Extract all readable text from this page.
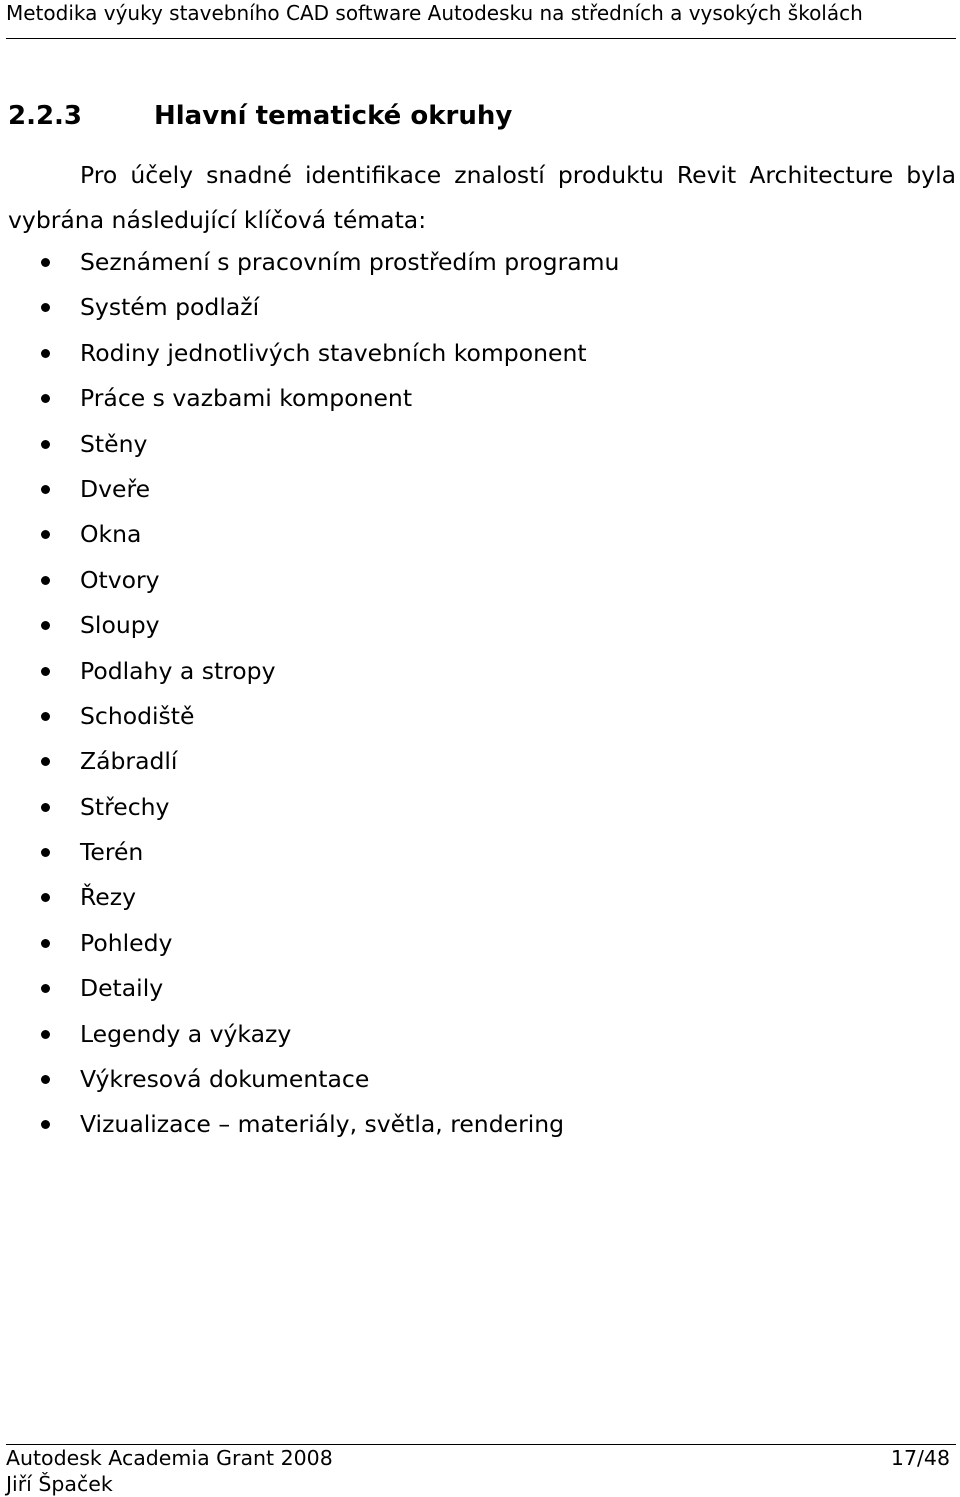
Metodika výuky stavebního CAD software Autodesku na středních a vysokých školách
2.2.3	Hlavní tematické okruhy

Pro účely snadné identifikace znalostí produktu Revit Architecture byla vybrána následující klíčová témata:

Seznámení s pracovním prostředím programu
Systém podlaží
Rodiny jednotlivých stavebních komponent
Práce s vazbami komponent
Stěny
Dveře
Okna
Otvory
Sloupy
Podlahy a stropy
Schodiště
Zábradlí
Střechy
Terén
Řezy
Pohledy
Detaily
Legendy a výkazy
Výkresová dokumentace
Vizualizace – materiály, světla, rendering
Autodesk Academia Grant 2008	17/48
Jiří Špaček
